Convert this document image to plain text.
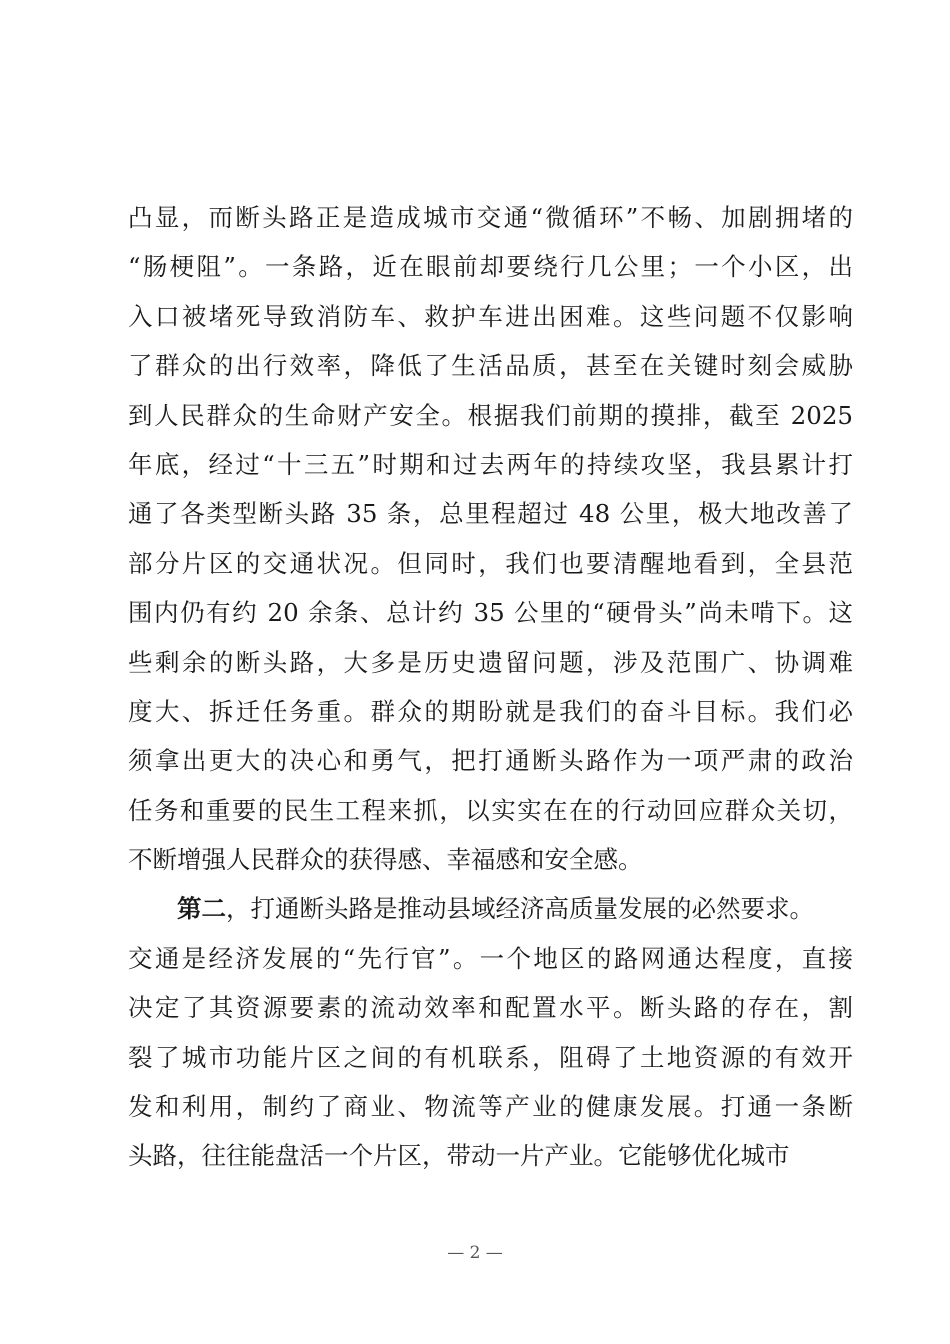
凸显，而断头路正是造成城市交通“微循环”不畅、加剧拥堵的
“肠梗阻”。一条路，近在眼前却要绕行几公里；一个小区，出
入口被堵死导致消防车、救护车进出困难。这些问题不仅影响
了群众的出行效率，降低了生活品质，甚至在关键时刻会威胁
到人民群众的生命财产安全。根据我们前期的摸排，截至 2025
年底，经过“十三五”时期和过去两年的持续攻坚，我县累计打
通了各类型断头路 35 条，总里程超过 48 公里，极大地改善了
部分片区的交通状况。但同时，我们也要清醒地看到，全县范
围内仍有约 20 余条、总计约 35 公里的“硬骨头”尚未啃下。这
些剩余的断头路，大多是历史遗留问题，涉及范围广、协调难
度大、拆迁任务重。群众的期盼就是我们的奋斗目标。我们必
须拿出更大的决心和勇气，把打通断头路作为一项严肃的政治
任务和重要的民生工程来抓，以实实在在的行动回应群众关切，
不断增强人民群众的获得感、幸福感和安全感。
第二，打通断头路是推动县域经济高质量发展的必然要求。
交通是经济发展的“先行官”。一个地区的路网通达程度，直接
决定了其资源要素的流动效率和配置水平。断头路的存在，割
裂了城市功能片区之间的有机联系，阻碍了土地资源的有效开
发和利用，制约了商业、物流等产业的健康发展。打通一条断
头路，往往能盘活一个片区，带动一片产业。它能够优化城市
— 2 —
